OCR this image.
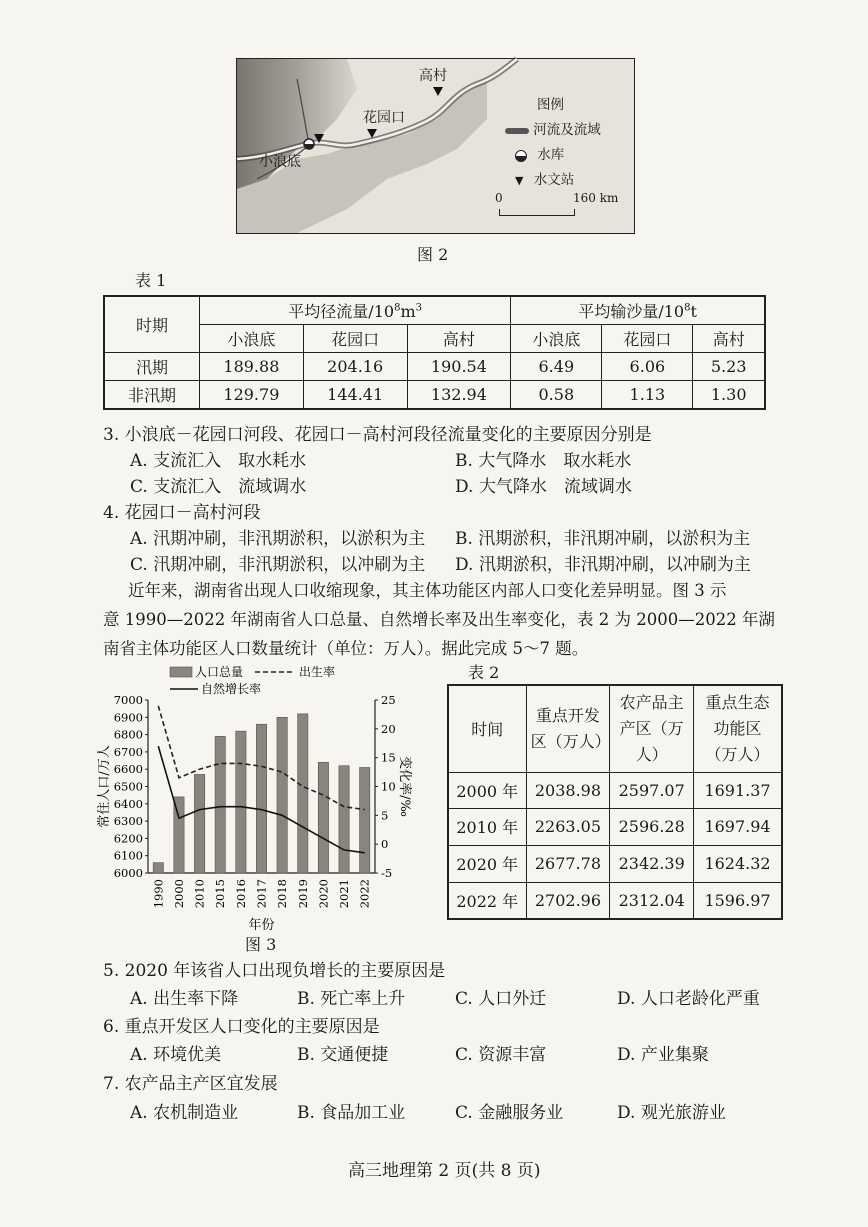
高村
花园口
小浪底
图例
河流及流域
水库
▼ 水文站
0	160 km
图 2
表 1
时期	平均径流量$/10^8m^3$			平均输沙量$/10^8t$		
	小浪底	花园口	高村	小浪底	花园口	高村
汛期	189.88	204.16	190.54	6.49	6.06	5.23
非汛期	129.79	144.41	132.94	0.58	1.13	1.30
3. 小浪底－花园口河段、花园口－高村河段径流量变化的主要原因分别是
A. 支流汇入　取水耗水	B. 大气降水　取水耗水
C. 支流汇入　流域调水	D. 大气降水　流域调水
4. 花园口－高村河段
A. 汛期冲刷，非汛期淤积，以淤积为主 B. 汛期淤积，非汛期冲刷，以淤积为主
C. 汛期冲刷，非汛期淤积，以冲刷为主 D. 汛期淤积，非汛期冲刷，以冲刷为主
近年来，湖南省出现人口收缩现象，其主体功能区内部人口变化差异明显。图 3 示
意 1990—2022 年湖南省人口总量、自然增长率及出生率变化，表 2 为 2000—2022 年湖
南省主体功能区人口数量统计（单位：万人）。据此完成 5～7 题。
7000
6900
6800
6700
6600
6500
6400
6300
6200
6100
6000
25
20
15
10
5
0
-5
1990 2000 2010 2015 2016 2017 2018 2019 2020 2021 2022
年份
常住人口/万人	变化率/‰
人口总量	出生率
自然增长率
图 3
表 2
时间	重点开发区（万人）	农产品主产区（万人）	重点生态功能区（万人）
2000 年	2038.98	2597.07	1691.37
2010 年	2263.05	2596.28	1697.94
2020 年	2677.78	2342.39	1624.32
2022 年	2702.96	2312.04	1596.97
5. 2020 年该省人口出现负增长的主要原因是
A. 出生率下降	B. 死亡率上升	C. 人口外迁	D. 人口老龄化严重
6. 重点开发区人口变化的主要原因是
A. 环境优美	B. 交通便捷	C. 资源丰富	D. 产业集聚
7. 农产品主产区宜发展
A. 农机制造业	B. 食品加工业	C. 金融服务业	D. 观光旅游业
高三地理第 2 页(共 8 页)
